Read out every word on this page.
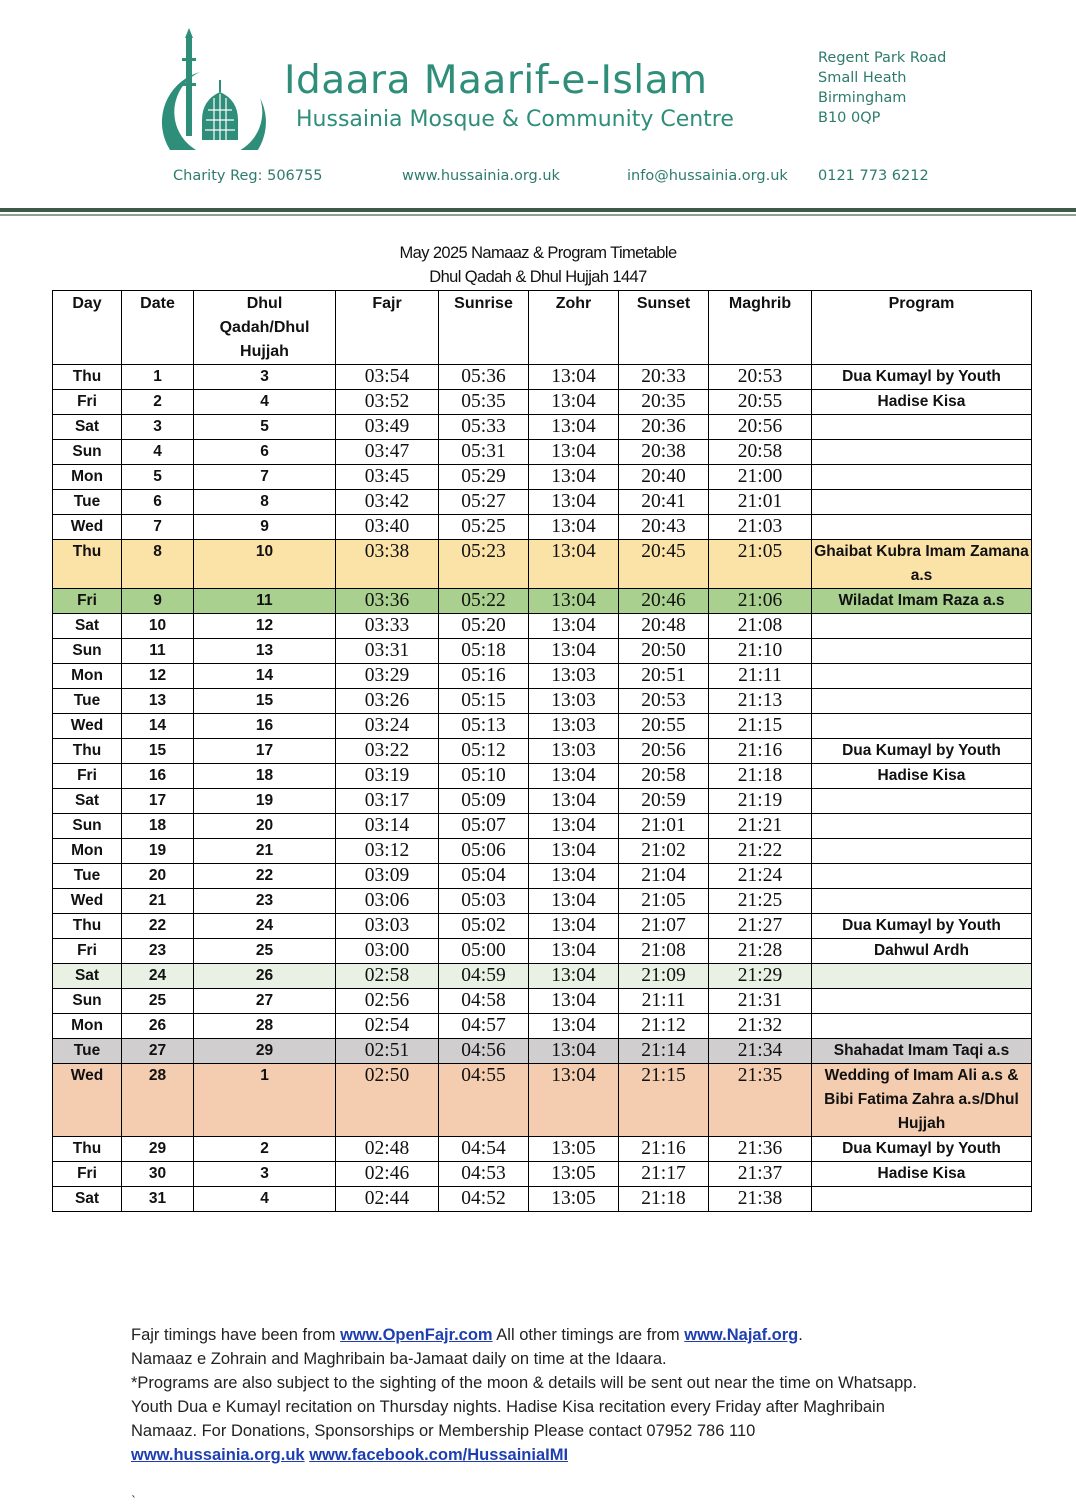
Idaara Maarif-e-Islam
Hussainia Mosque & Community Centre
Regent Park Road
Small Heath
Birmingham
B10 0QP
Charity Reg: 506755	www.hussainia.org.uk	info@hussainia.org.uk 0121 773 6212
May 2025 Namaaz & Program Timetable
Dhul Qadah & Dhul Hujjah 1447
Day	Date	Dhul Qadah/Dhul Hujjah	Fajr	Sunrise	Zohr	Sunset	Maghrib	Program
Thu	1	3	03:54	05:36	13:04	20:33	20:53	Dua Kumayl by Youth
Fri	2	4	03:52	05:35	13:04	20:35	20:55	Hadise Kisa
Sat	3	5	03:49	05:33	13:04	20:36	20:56	
Sun	4	6	03:47	05:31	13:04	20:38	20:58	
Mon	5	7	03:45	05:29	13:04	20:40	21:00	
Tue	6	8	03:42	05:27	13:04	20:41	21:01	
Wed	7	9	03:40	05:25	13:04	20:43	21:03	
Thu	8	10	03:38	05:23	13:04	20:45	21:05	Ghaibat Kubra Imam Zamana a.s
Fri	9	11	03:36	05:22	13:04	20:46	21:06	Wiladat Imam Raza a.s
Sat	10	12	03:33	05:20	13:04	20:48	21:08	
Sun	11	13	03:31	05:18	13:04	20:50	21:10	
Mon	12	14	03:29	05:16	13:03	20:51	21:11	
Tue	13	15	03:26	05:15	13:03	20:53	21:13	
Wed	14	16	03:24	05:13	13:03	20:55	21:15	
Thu	15	17	03:22	05:12	13:03	20:56	21:16	Dua Kumayl by Youth
Fri	16	18	03:19	05:10	13:04	20:58	21:18	Hadise Kisa
Sat	17	19	03:17	05:09	13:04	20:59	21:19	
Sun	18	20	03:14	05:07	13:04	21:01	21:21	
Mon	19	21	03:12	05:06	13:04	21:02	21:22	
Tue	20	22	03:09	05:04	13:04	21:04	21:24	
Wed	21	23	03:06	05:03	13:04	21:05	21:25	
Thu	22	24	03:03	05:02	13:04	21:07	21:27	Dua Kumayl by Youth
Fri	23	25	03:00	05:00	13:04	21:08	21:28	Dahwul Ardh
Sat	24	26	02:58	04:59	13:04	21:09	21:29	
Sun	25	27	02:56	04:58	13:04	21:11	21:31	
Mon	26	28	02:54	04:57	13:04	21:12	21:32	
Tue	27	29	02:51	04:56	13:04	21:14	21:34	Shahadat Imam Taqi a.s
Wed	28	1	02:50	04:55	13:04	21:15	21:35	Wedding of Imam Ali a.s & Bibi Fatima Zahra a.s/Dhul Hujjah
Thu	29	2	02:48	04:54	13:05	21:16	21:36	Dua Kumayl by Youth
Fri	30	3	02:46	04:53	13:05	21:17	21:37	Hadise Kisa
Sat	31	4	02:44	04:52	13:05	21:18	21:38	
Fajr timings have been from www.OpenFajr.com All other timings are from www.Najaf.org.
Namaaz e Zohrain and Maghribain ba-Jamaat daily on time at the Idaara.
*Programs are also subject to the sighting of the moon & details will be sent out near the time on Whatsapp.
Youth Dua e Kumayl recitation on Thursday nights. Hadise Kisa recitation every Friday after Maghribain Namaaz. For Donations, Sponsorships or Membership Please contact 07952 786 110
www.hussainia.org.uk www.facebook.com/HussainiaIMI
`
